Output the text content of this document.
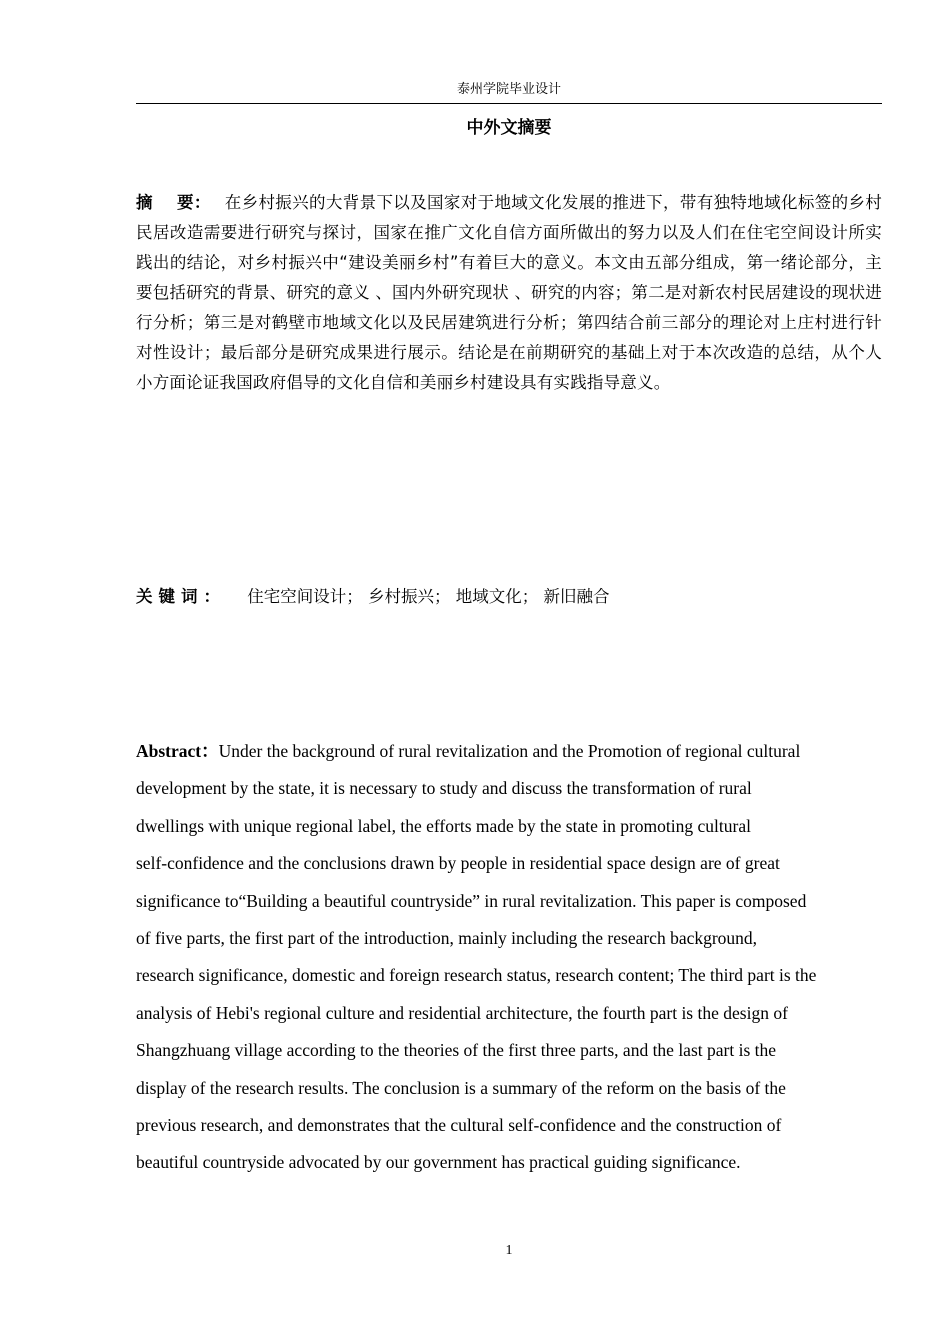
泰州学院毕业设计
中外文摘要
摘 要： 在乡村振兴的大背景下以及国家对于地域文化发展的推进下，带有独特地域化标签的乡村民居改造需要进行研究与探讨，国家在推广文化自信方面所做出的努力以及人们在住宅空间设计所实践出的结论，对乡村振兴中“建设美丽乡村”有着巨大的意义。本文由五部分组成，第一绪论部分，主要包括研究的背景、研究的意义 、国内外研究现状 、研究的内容；第二是对新农村民居建设的现状进行分析；第三是对鹤壁市地域文化以及民居建筑进行分析；第四结合前三部分的理论对上庄村进行针对性设计；最后部分是研究成果进行展示。结论是在前期研究的基础上对于本次改造的总结，从个人小方面论证我国政府倡导的文化自信和美丽乡村建设具有实践指导意义。
关键词： 住宅空间设计； 乡村振兴； 地域文化； 新旧融合
Abstract：Under the background of rural revitalization and the Promotion of regional cultural
development by the state, it is necessary to study and discuss the transformation of rural
dwellings with unique regional label, the efforts made by the state in promoting cultural
self-confidence and the conclusions drawn by people in residential space design are of great
significance to“Building a beautiful countryside” in rural revitalization. This paper is composed
of five parts, the first part of the introduction, mainly including the research background,
research significance, domestic and foreign research status, research content; The third part is the
analysis of Hebi's regional culture and residential architecture, the fourth part is the design of
Shangzhuang village according to the theories of the first three parts, and the last part is the
display of the research results. The conclusion is a summary of the reform on the basis of the
previous research, and demonstrates that the cultural self-confidence and the construction of
beautiful countryside advocated by our government has practical guiding significance.
1
